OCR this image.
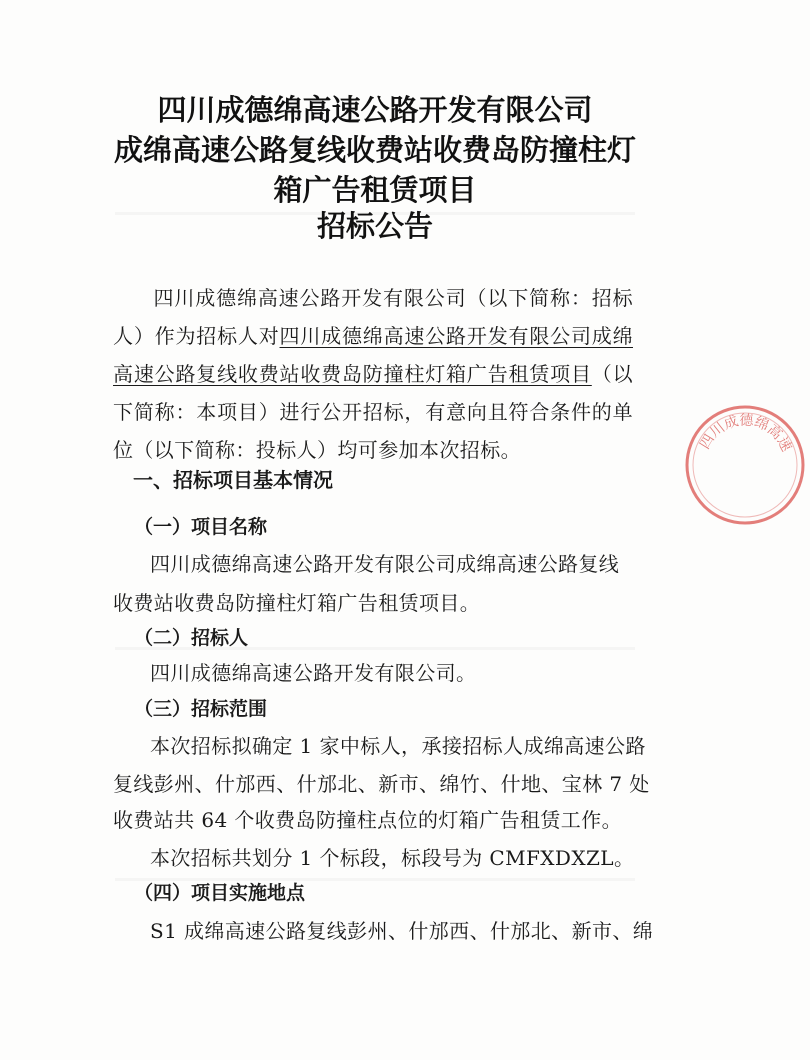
四川成德绵高速公路开发有限公司
成绵高速公路复线收费站收费岛防撞柱灯
箱广告租赁项目
招标公告

四川成德绵高速公路开发有限公司（以下简称：招标人）作为招标人对四川成德绵高速公路开发有限公司成绵高速公路复线收费站收费岛防撞柱灯箱广告租赁项目（以下简称：本项目）进行公开招标，有意向且符合条件的单位（以下简称：投标人）均可参加本次招标。

一、招标项目基本情况
（一）项目名称

四川成德绵高速公路开发有限公司成绵高速公路复线

收费站收费岛防撞柱灯箱广告租赁项目。

（二）招标人

四川成德绵高速公路开发有限公司。

（三）招标范围

本次招标拟确定 1 家中标人，承接招标人成绵高速公路

复线彭州、什邡西、什邡北、新市、绵竹、什地、宝林 7 处

收费站共 64 个收费岛防撞柱点位的灯箱广告租赁工作。

本次招标共划分 1 个标段，标段号为 CMFXDXZL。

（四）项目实施地点

S1 成绵高速公路复线彭州、什邡西、什邡北、新市、绵

四川成德绵高速
